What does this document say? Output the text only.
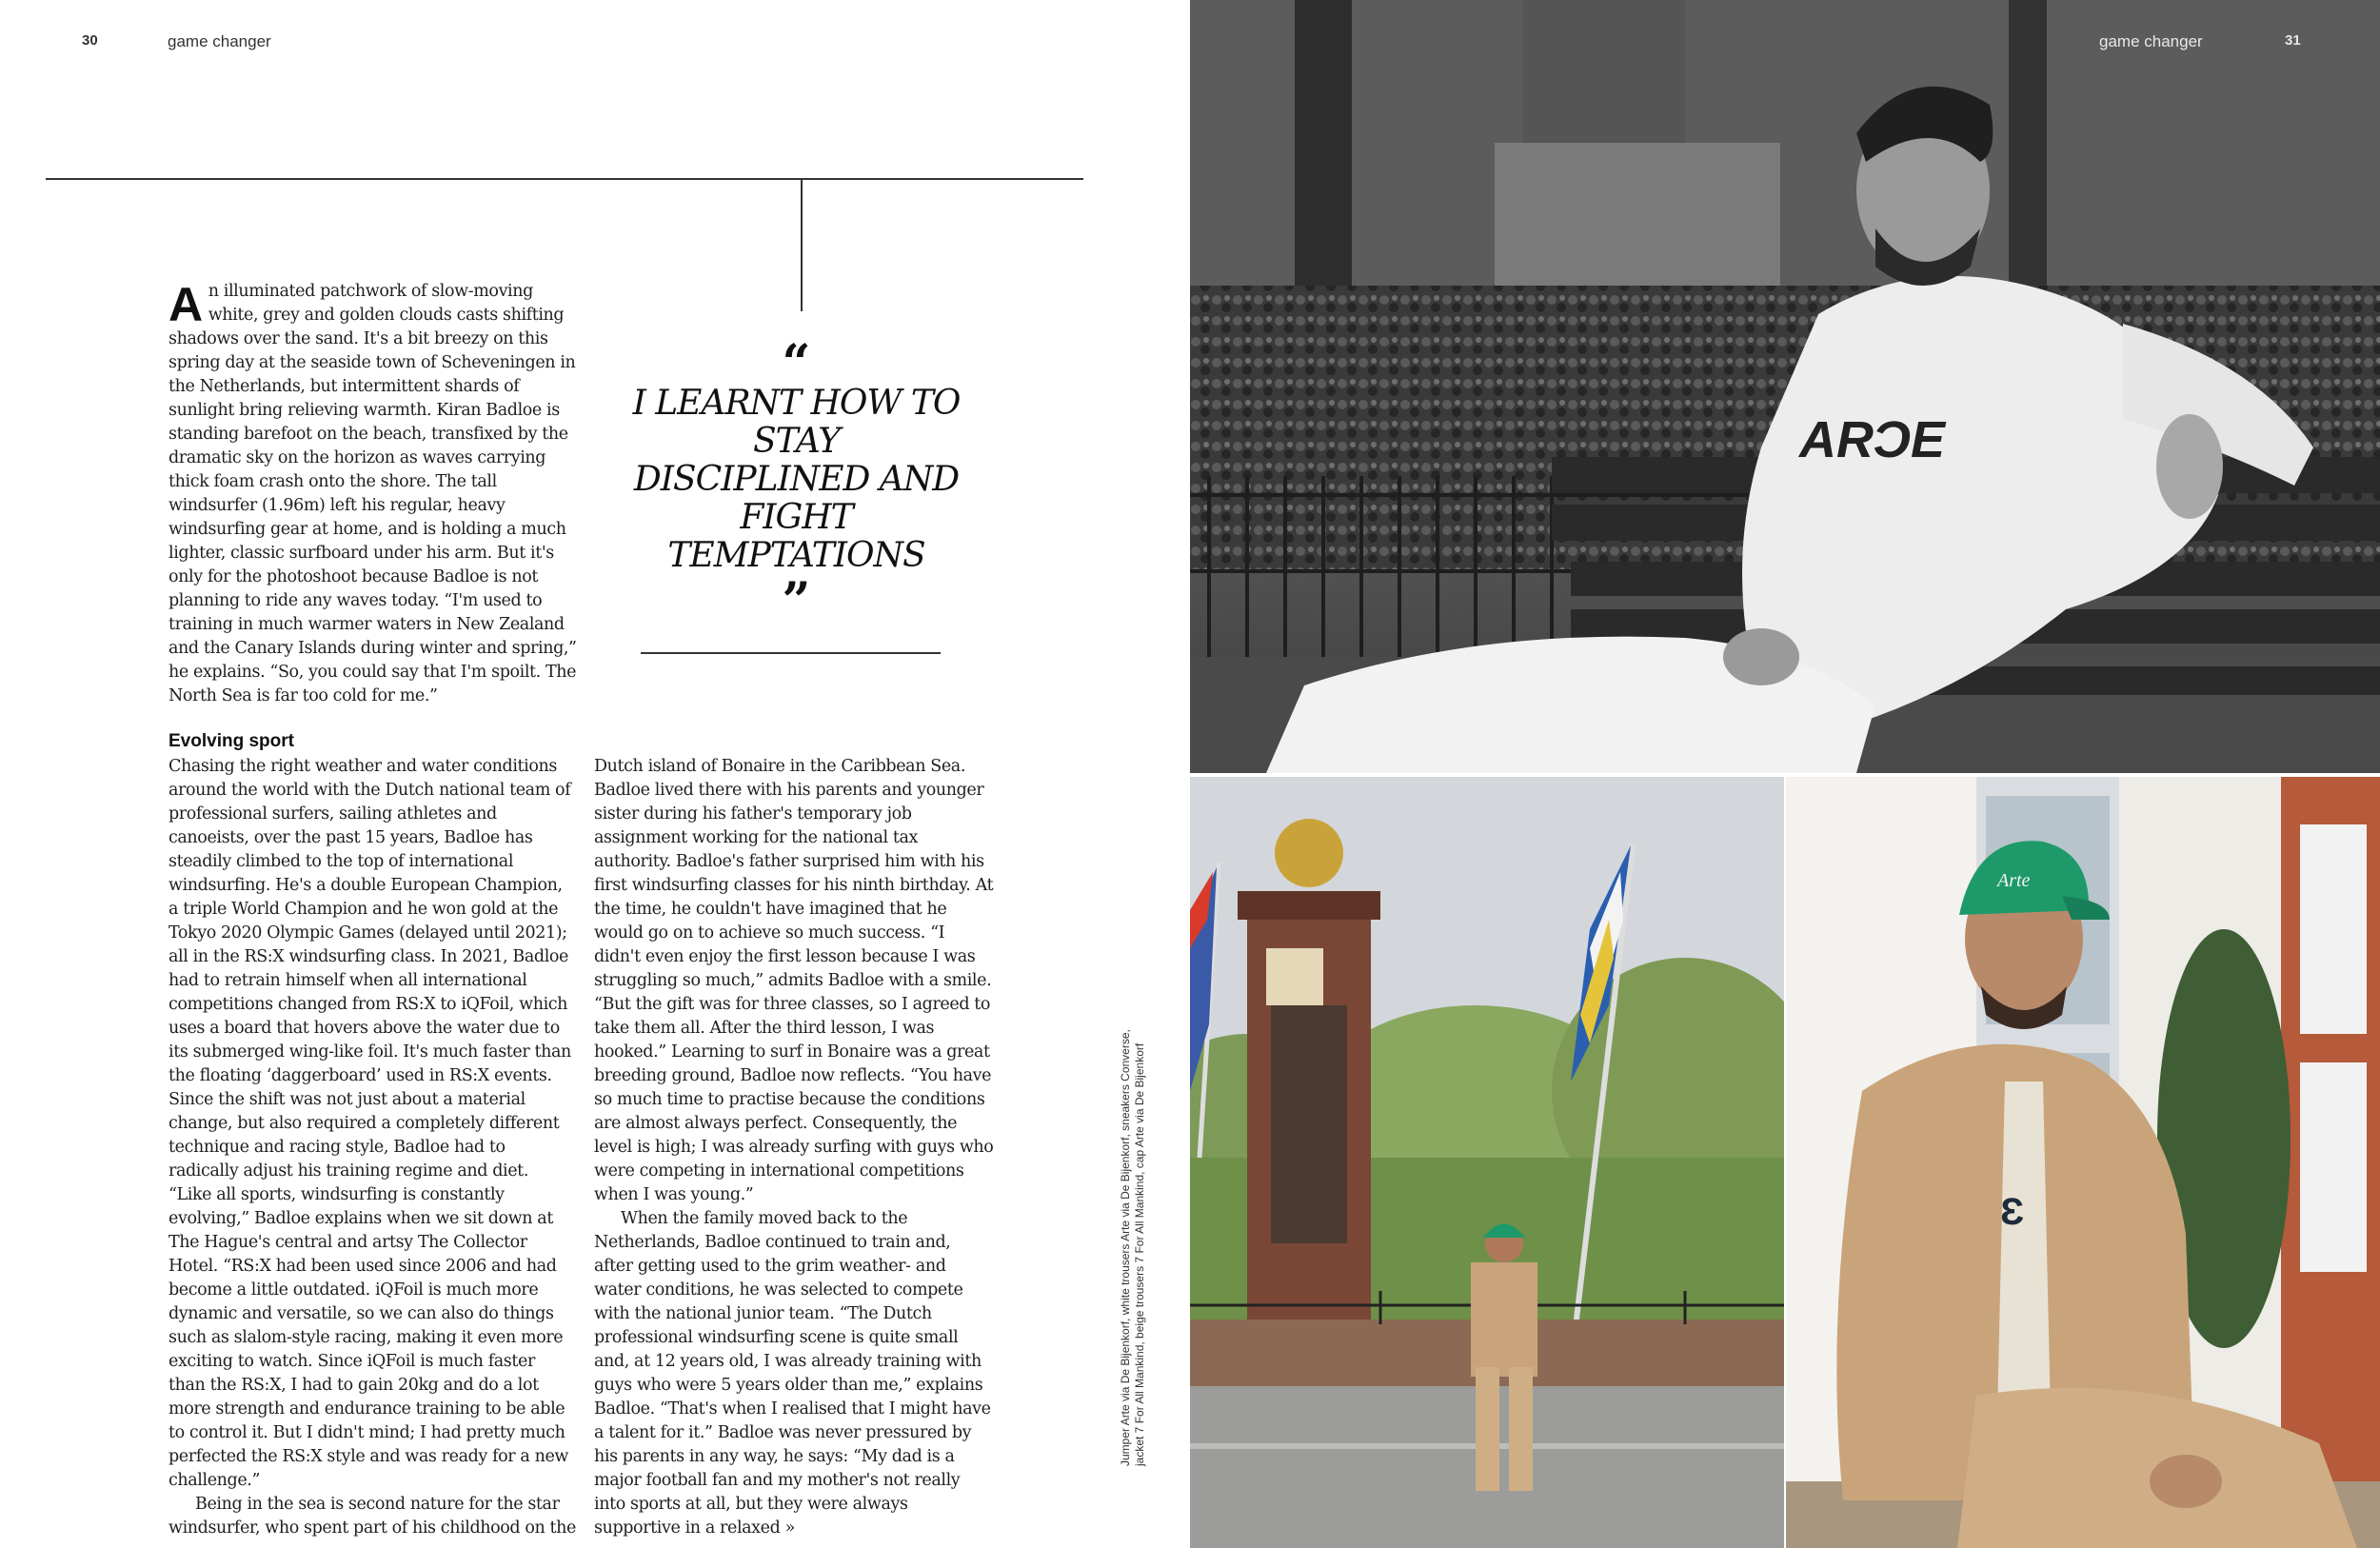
30	game changer
An illuminated patchwork of slow-moving white, grey and golden clouds casts shifting shadows over the sand. It's a bit breezy on this spring day at the seaside town of Scheveningen in the Netherlands, but intermittent shards of sunlight bring relieving warmth. Kiran Badloe is standing barefoot on the beach, transfixed by the dramatic sky on the horizon as waves carrying thick foam crash onto the shore. The tall windsurfer (1.96m) left his regular, heavy windsurfing gear at home, and is holding a much lighter, classic surfboard under his arm. But it's only for the photoshoot because Badloe is not planning to ride any waves today. “I'm used to training in much warmer waters in New Zealand and the Canary Islands during winter and spring,” he explains. “So, you could say that I'm spoilt. The North Sea is far too cold for me.”
“

I LEARNT HOW TO STAY DISCIPLINED AND FIGHT TEMPTATIONS

”
Evolving sport

Chasing the right weather and water conditions around the world with the Dutch national team of professional surfers, sailing athletes and canoeists, over the past 15 years, Badloe has steadily climbed to the top of international windsurfing. He's a double European Champion, a triple World Champion and he won gold at the Tokyo 2020 Olympic Games (delayed until 2021); all in the RS:X windsurfing class. In 2021, Badloe had to retrain himself when all international competitions changed from RS:X to iQFoil, which uses a board that hovers above the water due to its submerged wing-like foil. It's much faster than the floating ‘daggerboard’ used in RS:X events. Since the shift was not just about a material change, but also required a completely different technique and racing style, Badloe had to radically adjust his training regime and diet. “Like all sports, windsurfing is constantly evolving,” Badloe explains when we sit down at The Hague's central and artsy The Collector Hotel. “RS:X had been used since 2006 and had become a little outdated. iQFoil is much more dynamic and versatile, so we can also do things such as slalom-style racing, making it even more exciting to watch. Since iQFoil is much faster than the RS:X, I had to gain 20kg and do a lot more strength and endurance training to be able to control it. But I didn't mind; I had pretty much perfected the RS:X style and was ready for a new challenge.”

Being in the sea is second nature for the star windsurfer, who spent part of his childhood on the

Dutch island of Bonaire in the Caribbean Sea. Badloe lived there with his parents and younger sister during his father's temporary job assignment working for the national tax authority. Badloe's father surprised him with his first windsurfing classes for his ninth birthday. At the time, he couldn't have imagined that he would go on to achieve so much success. “I didn't even enjoy the first lesson because I was struggling so much,” admits Badloe with a smile. “But the gift was for three classes, so I agreed to take them all. After the third lesson, I was hooked.” Learning to surf in Bonaire was a great breeding ground, Badloe now reflects. “You have so much time to practise because the conditions are almost always perfect. Consequently, the level is high; I was already surfing with guys who were competing in international competitions when I was young.”

When the family moved back to the Netherlands, Badloe continued to train and, after getting used to the grim weather- and water conditions, he was selected to compete with the national junior team. “The Dutch professional windsurfing scene is quite small and, at 12 years old, I was already training with guys who were 5 years older than me,” explains Badloe. “That's when I realised that I might have a talent for it.” Badloe was never pressured by his parents in any way, he says: “My dad is a major football fan and my mother's not really into sports at all, but they were always supportive in a relaxed »

Jumper Arte via De Bijenkorf, white trousers Arte via De Bijenkorf, sneakers Converse, jacket 7 For All Mankind, beige trousers 7 For All Mankind, cap Arte via De Bijenkorf
ARƆE
game changer	31
Ɛ
Arte
